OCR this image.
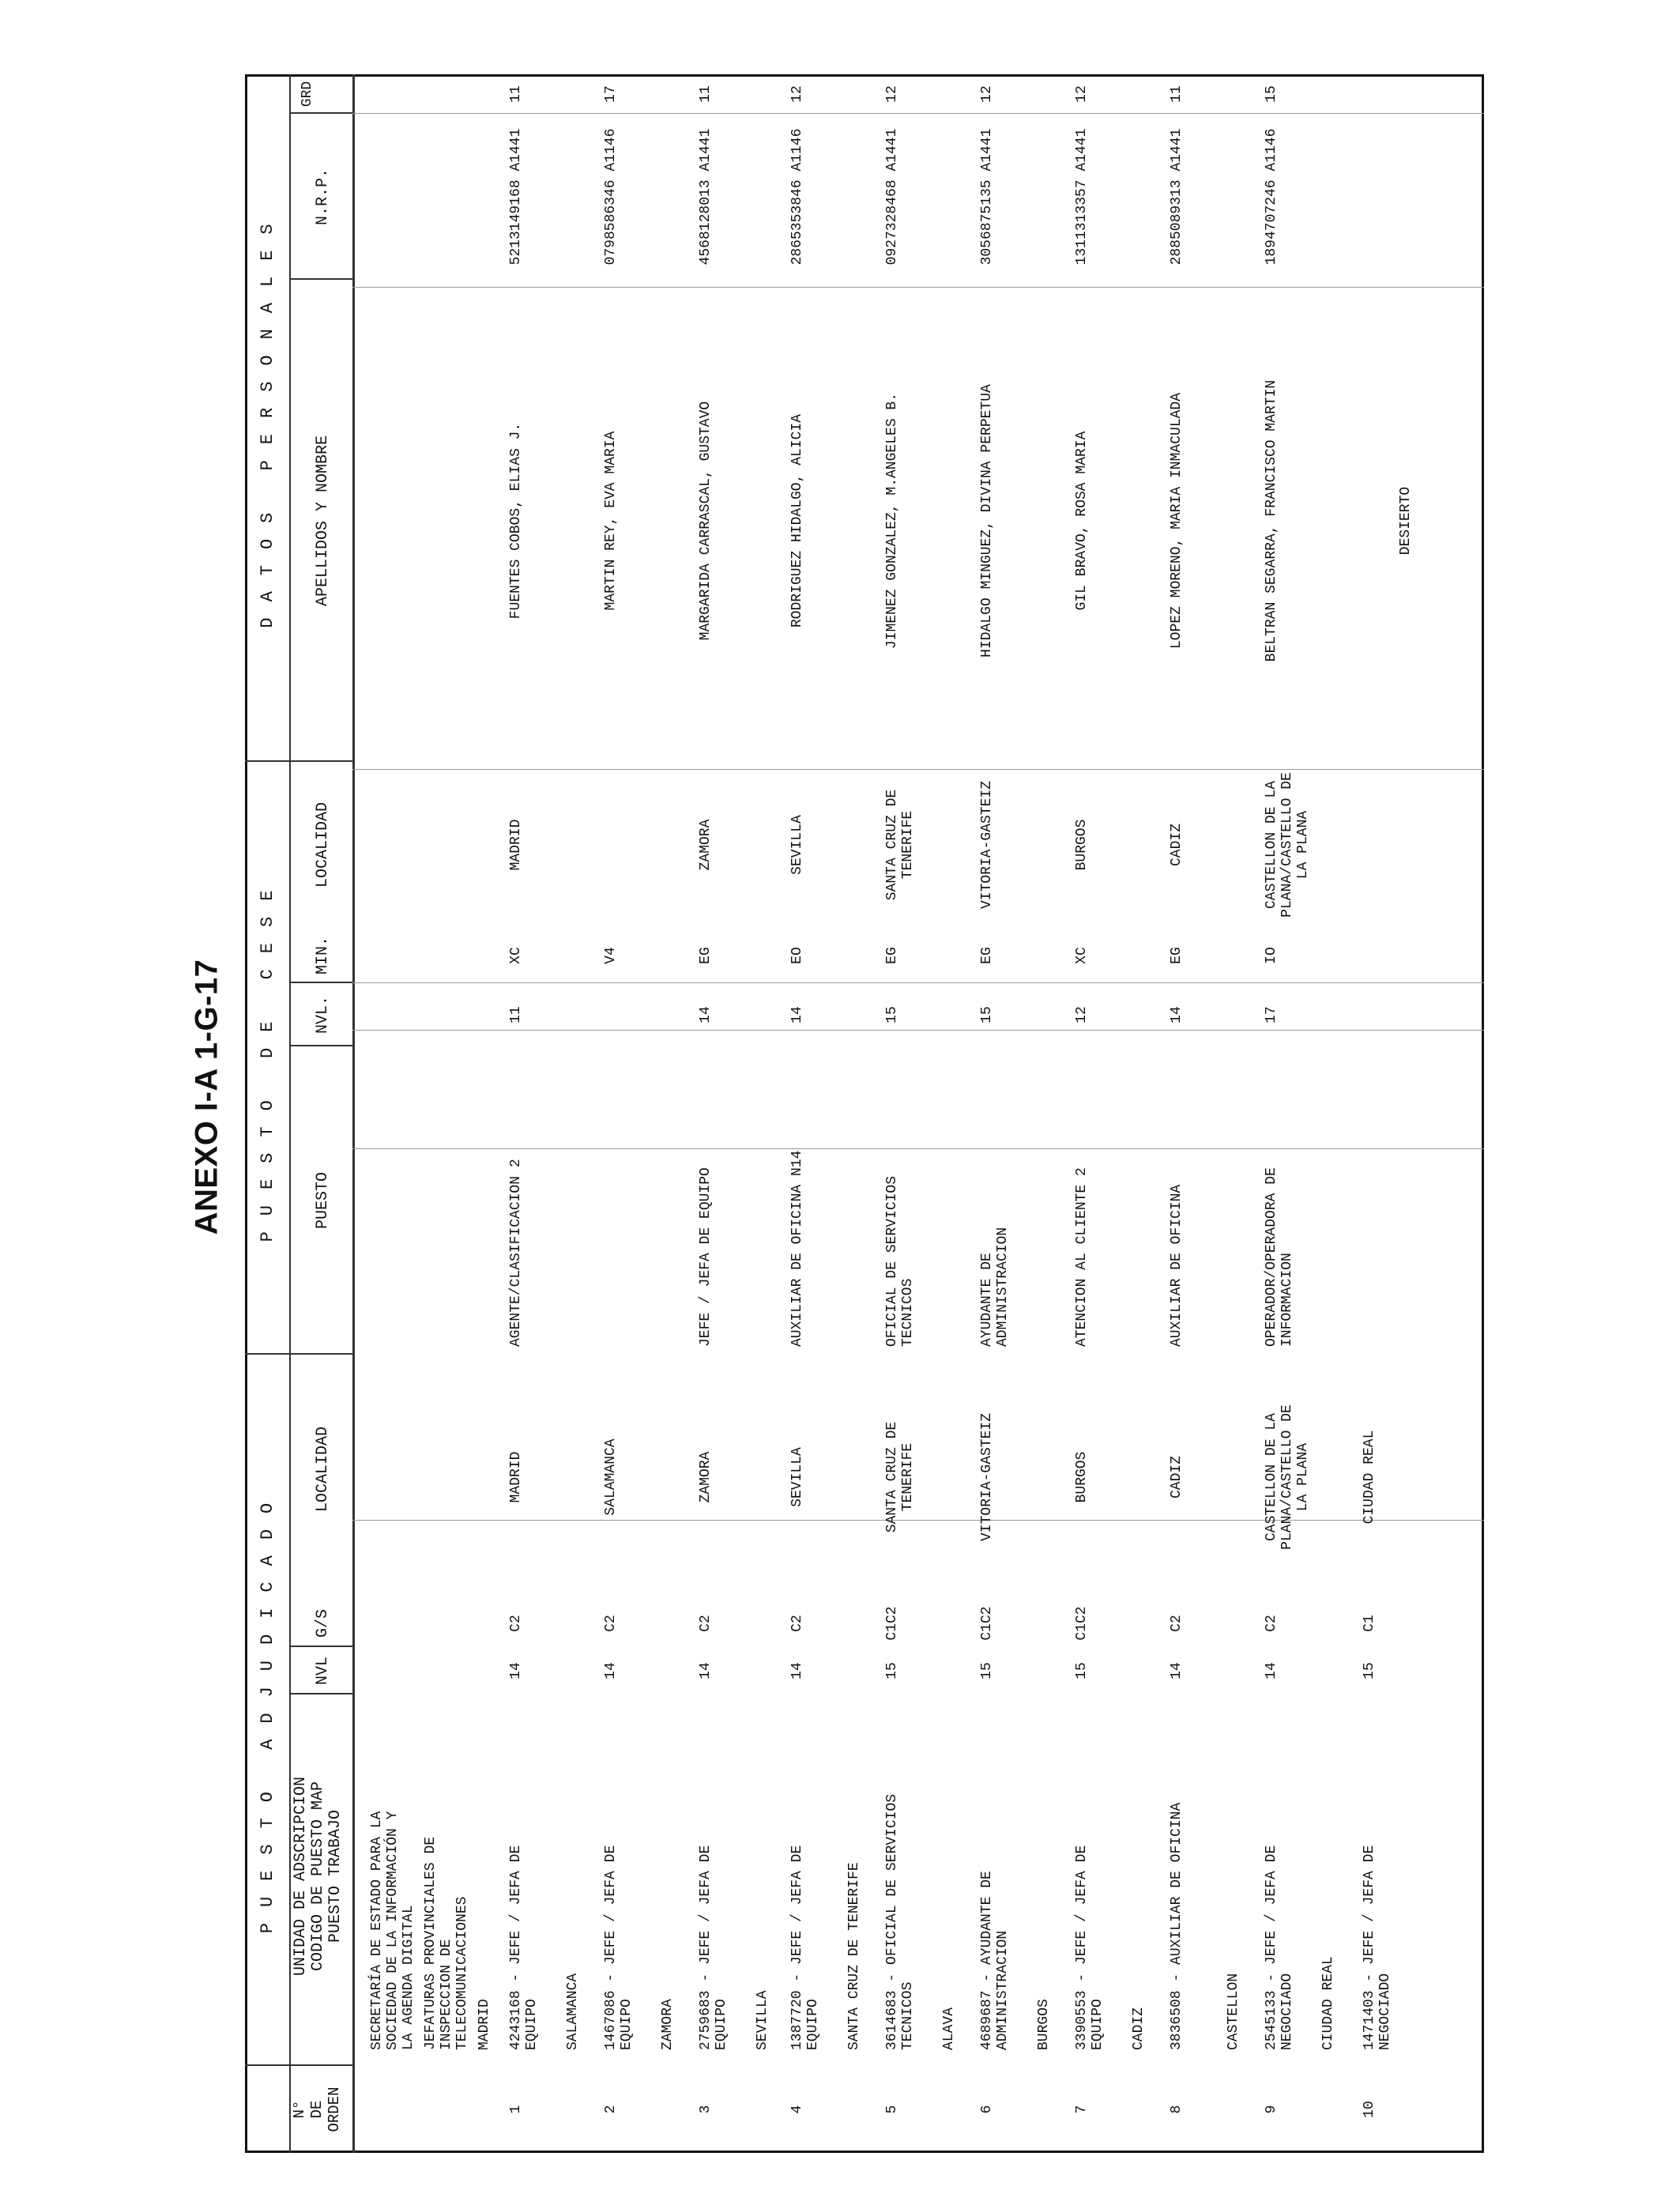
ANEXO I-A 1-G-17
N°
DE
ORDEN
PUESTO ADJUDICADO
UNIDAD DE ADSCRIPCION
CODIGO DE PUESTO MAP
PUESTO TRABAJO
NVL
G/S
LOCALIDAD
PUESTO DE CESE PUESTO
NVL.
MIN.
LOCALIDAD
DATOS PERSONALES APELLIDOS Y NOMBRE
N.R.P.
GRD
SECRETARÍA DE ESTADO PARA LA
SOCIEDAD DE LA INFORMACIÓN Y
LA AGENDA DIGITAL
JEFATURAS PROVINCIALES DE
INSPECCION DE
TELECOMUNICACIONES MADRID
1
4243168 - JEFE / JEFA DE
EQUIPO
14
C2
MADRID
AGENTE/CLASIFICACION 2
11
XC
MADRID
FUENTES COBOS, ELIAS J.
5213149168 A1441
11
SALAMANCA
2
1467086 - JEFE / JEFA DE
EQUIPO
14
C2
SALAMANCA
V4
MARTIN REY, EVA MARIA
0798586346 A1146
17
ZAMORA
3
2759683 - JEFE / JEFA DE
EQUIPO
14
C2
ZAMORA
JEFE / JEFA DE EQUIPO
14
EG
ZAMORA
MARGARIDA CARRASCAL, GUSTAVO
4568128013 A1441
11
SEVILLA
4
1387720 - JEFE / JEFA DE
EQUIPO
14
C2
SEVILLA
AUXILIAR DE OFICINA N14
14
EO
SEVILLA
RODRIGUEZ HIDALGO, ALICIA
2865353846 A1146
12
SANTA CRUZ DE TENERIFE
5
3614683 - OFICIAL DE SERVICIOS
TECNICOS
15
C1C2
SANTA CRUZ DE
TENERIFE
OFICIAL DE SERVICIOS
TECNICOS
15
EG
SANTA CRUZ DE
TENERIFE
JIMENEZ GONZALEZ, M.ANGELES B.
0927328468 A1441
12
ALAVA
6
4689687 - AYUDANTE DE
ADMINISTRACION
15
C1C2
VITORIA-GASTEIZ
AYUDANTE DE
ADMINISTRACION
15
EG
VITORIA-GASTEIZ
HIDALGO MINGUEZ, DIVINA PERPETUA
3056875135 A1441
12
BURGOS
7
3390553 - JEFE / JEFA DE
EQUIPO
15
C1C2
BURGOS
ATENCION AL CLIENTE 2
12
XC
BURGOS
GIL BRAVO, ROSA MARIA
1311313357 A1441
12
CADIZ
8
3836508 - AUXILIAR DE OFICINA
14
C2
CADIZ
AUXILIAR DE OFICINA
14
EG
CADIZ
LOPEZ MORENO, MARIA INMACULADA
2885089313 A1441
11
CASTELLON
9
2545133 - JEFE / JEFA DE
NEGOCIADO
14
C2
CASTELLON DE LA
PLANA/CASTELLO DE
LA PLANA
OPERADOR/OPERADORA DE
INFORMACION
17
IO
CASTELLON DE LA
PLANA/CASTELLO DE
LA PLANA
BELTRAN SEGARRA, FRANCISCO MARTIN
1894707246 A1146
15
CIUDAD REAL
10
1471403 - JEFE / JEFA DE
NEGOCIADO
15
C1
CIUDAD REAL
DESIERTO
